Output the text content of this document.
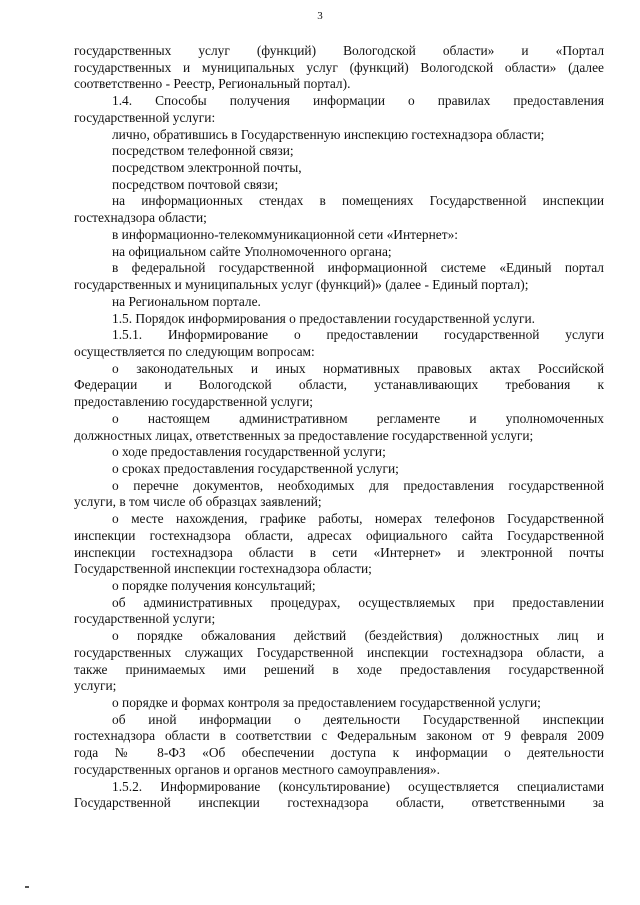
3
государственных услуг (функций) Вологодской области» и «Портал
государственных и муниципальных услуг (функций) Вологодской области» (далее
соответственно - Реестр, Региональный портал).
1.4. Способы получения информации о правилах предоставления
государственной услуги:
лично, обратившись в Государственную инспекцию гостехнадзора области;
посредством телефонной связи;
посредством электронной почты,
посредством почтовой связи;
на информационных стендах в помещениях Государственной инспекции
гостехнадзора области;
в информационно-телекоммуникационной сети «Интернет»:
на официальном сайте Уполномоченного органа;
в федеральной государственной информационной системе «Единый портал
государственных и муниципальных услуг (функций)» (далее - Единый портал);
на Региональном портале.
1.5. Порядок информирования о предоставлении государственной услуги.
1.5.1. Информирование о предоставлении государственной услуги
осуществляется по следующим вопросам:
о законодательных и иных нормативных правовых актах Российской
Федерации и Вологодской области, устанавливающих требования к
предоставлению государственной услуги;
о настоящем административном регламенте и уполномоченных
должностных лицах, ответственных за предоставление государственной услуги;
о ходе предоставления государственной услуги;
о сроках предоставления государственной услуги;
о перечне документов, необходимых для предоставления государственной
услуги, в том числе об образцах заявлений;
о месте нахождения, графике работы, номерах телефонов Государственной
инспекции гостехнадзора области, адресах официального сайта Государственной
инспекции гостехнадзора области в сети «Интернет» и электронной почты
Государственной инспекции гостехнадзора области;
о порядке получения консультаций;
об административных процедурах, осуществляемых при предоставлении
государственной услуги;
о порядке обжалования действий (бездействия) должностных лиц и
государственных служащих Государственной инспекции гостехнадзора области, а
также принимаемых ими решений в ходе предоставления государственной
услуги;
о порядке и формах контроля за предоставлением государственной услуги;
об иной информации о деятельности Государственной инспекции
гостехнадзора области в соответствии с Федеральным законом от 9 февраля 2009
года № 8-ФЗ «Об обеспечении доступа к информации о деятельности
государственных органов и органов местного самоуправления».
1.5.2. Информирование (консультирование) осуществляется специалистами
Государственной инспекции гостехнадзора области, ответственными за
